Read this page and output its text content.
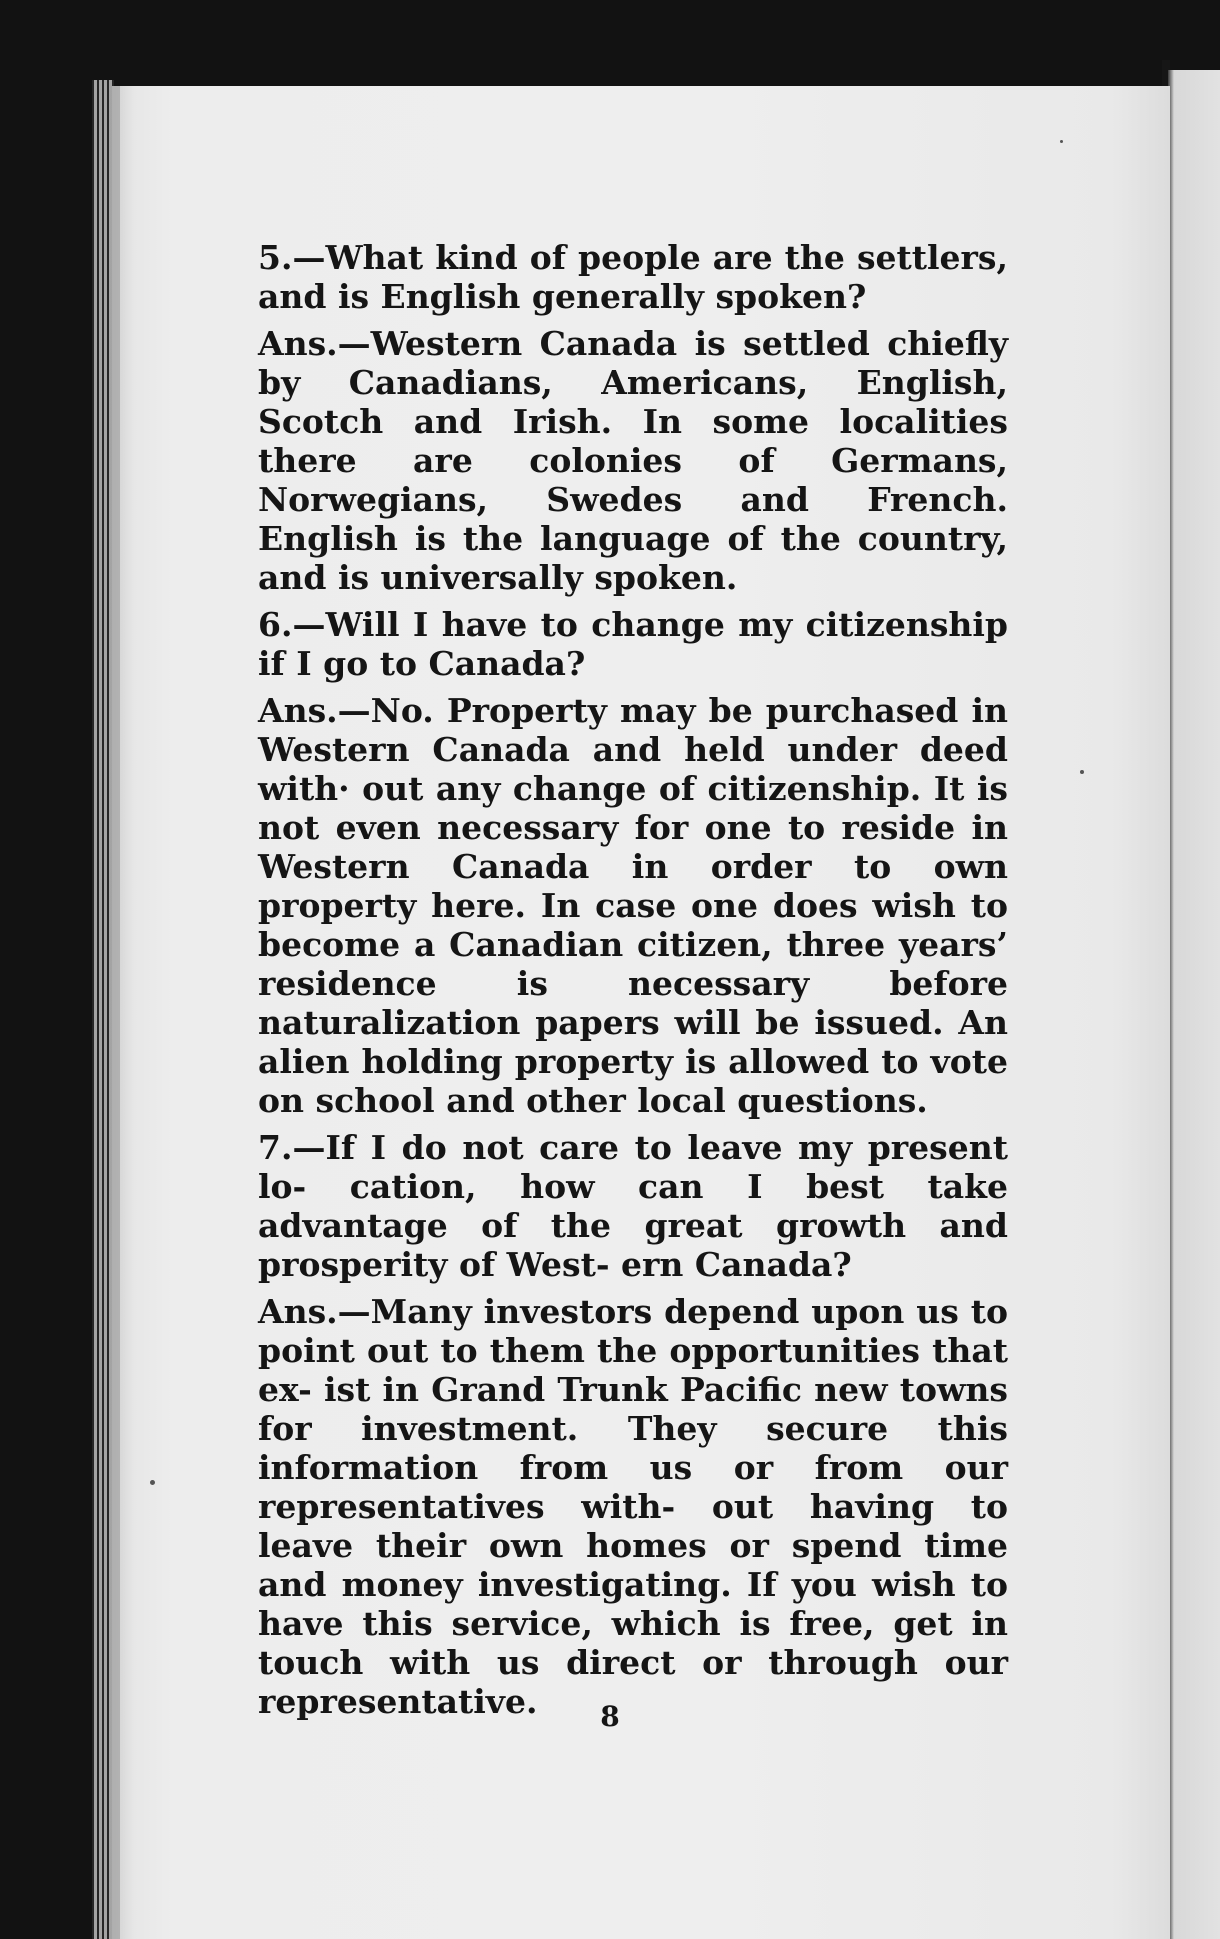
5.—What kind of people are the settlers, and is English generally spoken?

Ans.—Western Canada is settled chiefly by Canadians, Americans, English, Scotch and Irish. In some localities there are colonies of Germans, Norwegians, Swedes and French. English is the language of the country, and is universally spoken.

6.—Will I have to change my citizenship if I go to Canada?

Ans.—No. Property may be purchased in Western Canada and held under deed with· out any change of citizenship. It is not even necessary for one to reside in Western Canada in order to own property here. In case one does wish to become a Canadian citizen, three years’ residence is necessary before naturalization papers will be issued. An alien holding property is allowed to vote on school and other local questions.

7.—If I do not care to leave my present lo- cation, how can I best take advantage of the great growth and prosperity of West- ern Canada?

Ans.—Many investors depend upon us to point out to them the opportunities that ex- ist in Grand Trunk Pacific new towns for investment. They secure this information from us or from our representatives with- out having to leave their own homes or spend time and money investigating. If you wish to have this service, which is free, get in touch with us direct or through our representative.	8
